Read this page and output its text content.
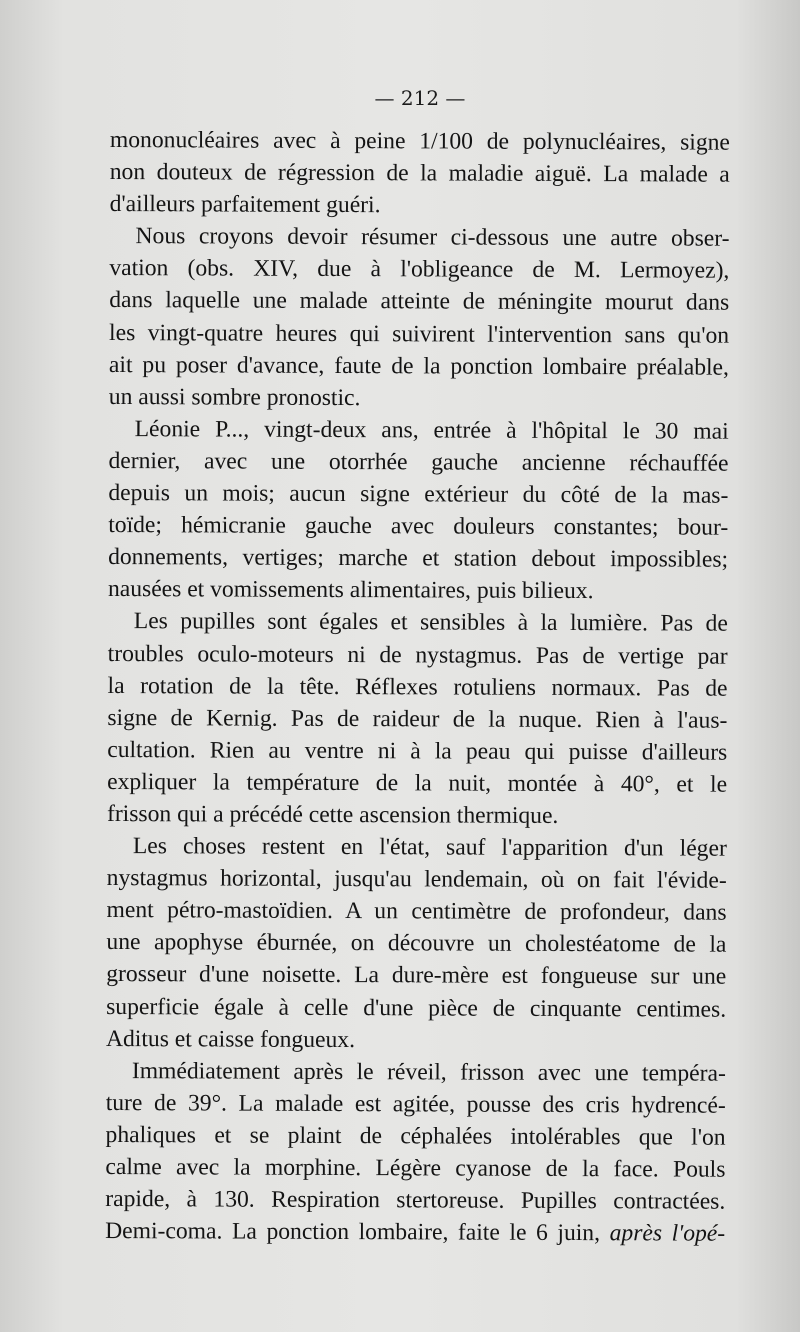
— 212 —
mononucléaires avec à peine 1/100 de polynucléaires, signe
non douteux de régression de la maladie aiguë. La malade a
d'ailleurs parfaitement guéri.
Nous croyons devoir résumer ci-dessous une autre obser-
vation (obs. XIV, due à l'obligeance de M. Lermoyez),
dans laquelle une malade atteinte de méningite mourut dans
les vingt-quatre heures qui suivirent l'intervention sans qu'on
ait pu poser d'avance, faute de la ponction lombaire préalable,
un aussi sombre pronostic.
Léonie P..., vingt-deux ans, entrée à l'hôpital le 30 mai
dernier, avec une otorrhée gauche ancienne réchauffée
depuis un mois; aucun signe extérieur du côté de la mas-
toïde; hémicranie gauche avec douleurs constantes; bour-
donnements, vertiges; marche et station debout impossibles;
nausées et vomissements alimentaires, puis bilieux.
Les pupilles sont égales et sensibles à la lumière. Pas de
troubles oculo-moteurs ni de nystagmus. Pas de vertige par
la rotation de la tête. Réflexes rotuliens normaux. Pas de
signe de Kernig. Pas de raideur de la nuque. Rien à l'aus-
cultation. Rien au ventre ni à la peau qui puisse d'ailleurs
expliquer la température de la nuit, montée à 40°, et le
frisson qui a précédé cette ascension thermique.
Les choses restent en l'état, sauf l'apparition d'un léger
nystagmus horizontal, jusqu'au lendemain, où on fait l'évide-
ment pétro-mastoïdien. A un centimètre de profondeur, dans
une apophyse éburnée, on découvre un cholestéatome de la
grosseur d'une noisette. La dure-mère est fongueuse sur une
superficie égale à celle d'une pièce de cinquante centimes.
Aditus et caisse fongueux.
Immédiatement après le réveil, frisson avec une tempéra-
ture de 39°. La malade est agitée, pousse des cris hydrencé-
phaliques et se plaint de céphalées intolérables que l'on
calme avec la morphine. Légère cyanose de la face. Pouls
rapide, à 130. Respiration stertoreuse. Pupilles contractées.
Demi-coma. La ponction lombaire, faite le 6 juin, après l'opé-
